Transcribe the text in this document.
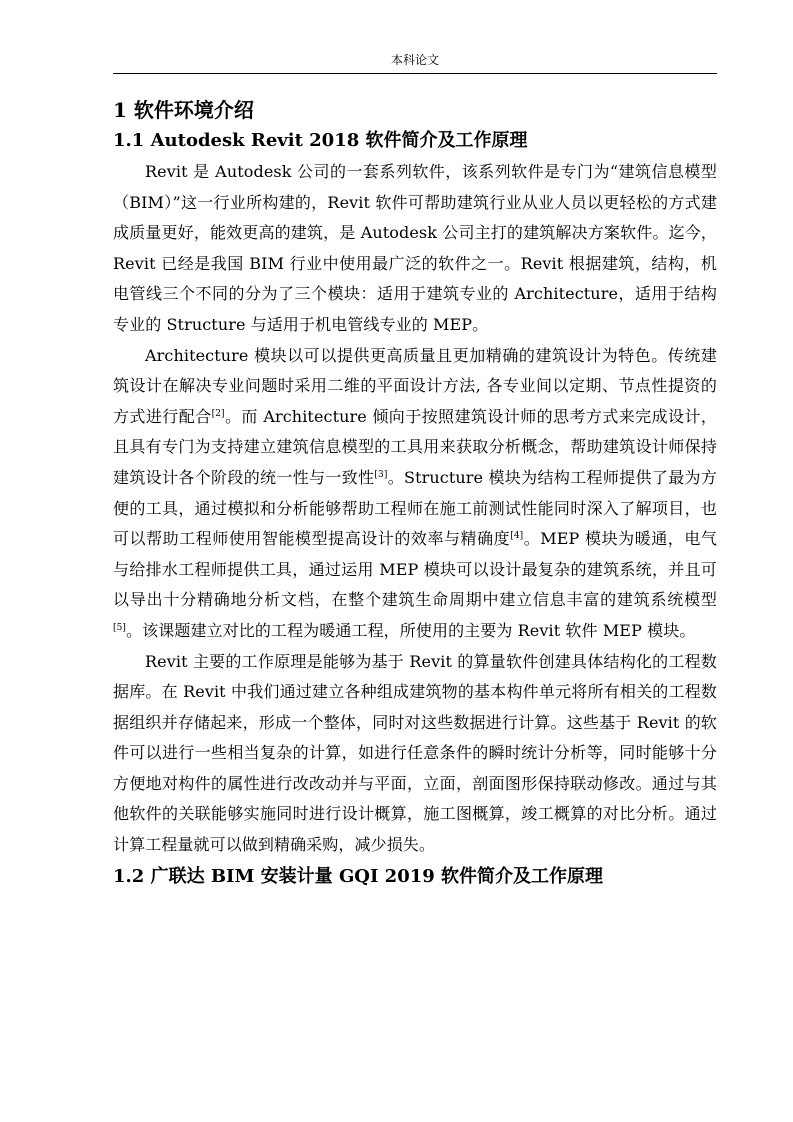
本科论文
1 软件环境介绍
1.1 Autodesk Revit 2018 软件简介及工作原理

Revit 是 Autodesk 公司的一套系列软件，该系列软件是专门为“建筑信息模型（BIM）”这一行业所构建的，Revit 软件可帮助建筑行业从业人员以更轻松的方式建成质量更好，能效更高的建筑，是 Autodesk 公司主打的建筑解决方案软件。迄今，Revit 已经是我国 BIM 行业中使用最广泛的软件之一。Revit 根据建筑，结构，机电管线三个不同的分为了三个模块：适用于建筑专业的 Architecture，适用于结构专业的 Structure 与适用于机电管线专业的 MEP。

Architecture 模块以可以提供更高质量且更加精确的建筑设计为特色。传统建筑设计在解决专业问题时采用二维的平面设计方法, 各专业间以定期、节点性提资的方式进行配合[2]。而 Architecture 倾向于按照建筑设计师的思考方式来完成设计，且具有专门为支持建立建筑信息模型的工具用来获取分析概念，帮助建筑设计师保持建筑设计各个阶段的统一性与一致性[3]。Structure 模块为结构工程师提供了最为方便的工具，通过模拟和分析能够帮助工程师在施工前测试性能同时深入了解项目，也可以帮助工程师使用智能模型提高设计的效率与精确度[4]。MEP 模块为暖通，电气与给排水工程师提供工具，通过运用 MEP 模块可以设计最复杂的建筑系统，并且可以导出十分精确地分析文档，在整个建筑生命周期中建立信息丰富的建筑系统模型[5]。该课题建立对比的工程为暖通工程，所使用的主要为 Revit 软件 MEP 模块。

Revit 主要的工作原理是能够为基于 Revit 的算量软件创建具体结构化的工程数据库。在 Revit 中我们通过建立各种组成建筑物的基本构件单元将所有相关的工程数据组织并存储起来，形成一个整体，同时对这些数据进行计算。这些基于 Revit 的软件可以进行一些相当复杂的计算，如进行任意条件的瞬时统计分析等，同时能够十分方便地对构件的属性进行改改动并与平面，立面，剖面图形保持联动修改。通过与其他软件的关联能够实施同时进行设计概算，施工图概算，竣工概算的对比分析。通过计算工程量就可以做到精确采购，减少损失。

1.2 广联达 BIM 安装计量 GQI 2019 软件简介及工作原理
